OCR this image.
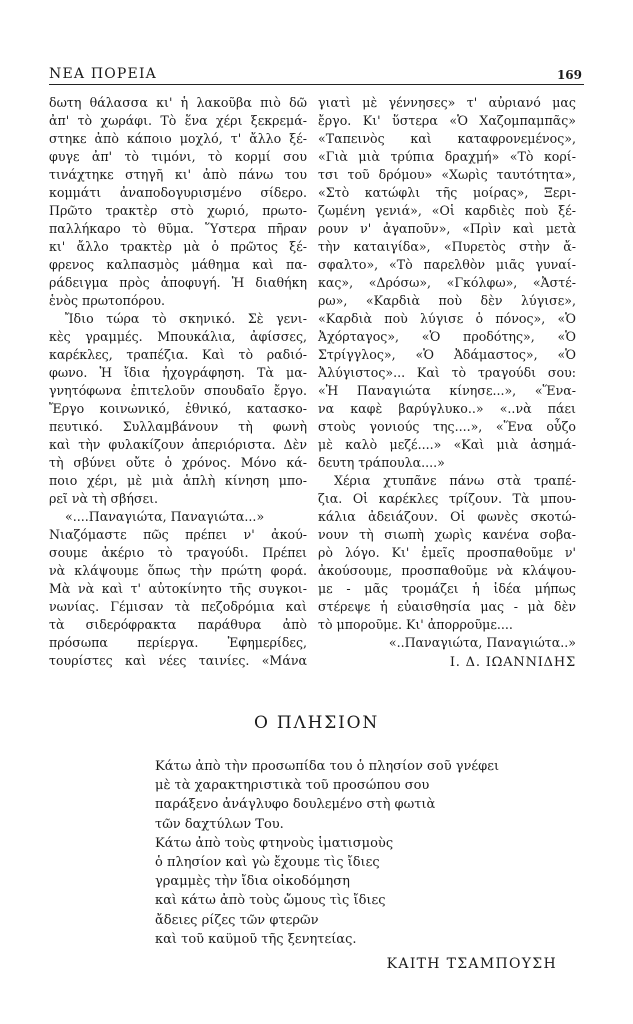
ΝΕΑ ΠΟΡΕΙΑ	169

δωτη θάλασσα κι' ἡ λακοῦβα πιὸ δῶ

ἀπ' τὸ χωράφι. Τὸ ἕνα χέρι ξεκρεμά-

στηκε ἀπὸ κάποιο μοχλό, τ' ἄλλο ξέ-

φυγε ἀπ' τὸ τιμόνι, τὸ κορμί σου

τινάχτηκε στηγῆ κι' ἀπὸ πάνω του

κομμάτι ἀναποδογυρισμένο σίδερο.

Πρῶτο τρακτὲρ στὸ χωριό, πρωτο-

παλλήκαρο τὸ θῦμα. Ὕστερα πῆραν

κι' ἄλλο τρακτὲρ μὰ ὁ πρῶτος ξέ-

φρενος καλπασμὸς μάθημα καὶ πα-

ράδειγμα πρὸς ἀποφυγή. Ἡ διαθήκη

ἑνὸς πρωτοπόρου.

Ἴδιο τώρα τὸ σκηνικό. Σὲ γενι-

κὲς γραμμές. Μπουκάλια, ἀφίσσες,

καρέκλες, τραπέζια. Καὶ τὸ ραδιό-

φωνο. Ἡ ἴδια ἠχογράφηση. Τὰ μα-

γνητόφωνα ἐπιτελοῦν σπουδαῖο ἔργο.

Ἔργο κοινωνικό, ἐθνικό, κατασκο-

πευτικό. Συλλαμβάνουν τὴ φωνὴ

καὶ τὴν φυλακίζουν ἀπεριόριστα. Δὲν

τὴ σβύνει οὔτε ὁ χρόνος. Μόνο κά-

ποιο χέρι, μὲ μιὰ ἁπλὴ κίνηση μπο-

ρεῖ νὰ τὴ σβήσει.

«....Παναγιώτα, Παναγιώτα...»

Νιαζόμαστε πῶς πρέπει ν' ἀκού-

σουμε ἀκέριο τὸ τραγούδι. Πρέπει

νὰ κλάψουμε ὅπως τὴν πρώτη φορά.

Μὰ νὰ καὶ τ' αὐτοκίνητο τῆς συγκοι-

νωνίας. Γέμισαν τὰ πεζοδρόμια καὶ

τὰ σιδερόφρακτα παράθυρα ἀπὸ

πρόσωπα περίεργα. Ἐφημερίδες,

τουρίστες καὶ νέες ταινίες. «Μάνα

γιατὶ μὲ γέννησες» τ' αὐριανό μας

ἔργο. Κι' ὕστερα «Ὁ Χαζομπαμπᾶς»

«Ταπεινὸς καὶ καταφρονεμένος»,

«Γιὰ μιὰ τρύπια δραχμή» «Τὸ κορί-

τσι τοῦ δρόμου» «Χωρὶς ταυτότητα»,

«Στὸ κατώφλι τῆς μοίρας», Ξερι-

ζωμένη γενιά», «Οἱ καρδιὲς ποὺ ξέ-

ρουν ν' ἀγαποῦν», «Πρὶν καὶ μετὰ

τὴν καταιγίδα», «Πυρετὸς στὴν ἄ-

σφαλτο», «Τὸ παρελθὸν μιᾶς γυναί-

κας», «Δρόσω», «Γκόλφω», «Ἀστέ-

ρω», «Καρδιὰ ποὺ δὲν λύγισε»,

«Καρδιὰ ποὺ λύγισε ὁ πόνος», «Ὁ

Ἀχόρταγος», «Ὁ προδότης», «Ὁ

Στρίγγλος», «Ὁ Ἀδάμαστος», «Ὁ

Ἀλύγιστος»... Καὶ τὸ τραγούδι σου:

«Ἡ Παναγιώτα κίνησε...», «Ἕνα-

να καφὲ βαρύγλυκο..» «..νὰ πάει

στοὺς γονιούς της....», «Ἕνα οὖζο

μὲ καλὸ μεζέ....» «Καὶ μιὰ ἀσημά-

δευτη τράπουλα....»

Χέρια χτυπᾶνε πάνω στὰ τραπέ-

ζια. Οἱ καρέκλες τρίζουν. Τὰ μπου-

κάλια ἀδειάζουν. Οἱ φωνὲς σκοτώ-

νουν τὴ σιωπὴ χωρὶς κανένα σοβα-

ρὸ λόγο. Κι' ἐμεῖς προσπαθοῦμε ν'

ἀκούσουμε, προσπαθοῦμε νὰ κλάψου-

με - μᾶς τρομάζει ἡ ἰδέα μήπως

στέρεψε ἡ εὐαισθησία μας - μὰ δὲν

τὸ μποροῦμε. Κι' ἀπορροῦμε....

«..Παναγιώτα, Παναγιώτα..»

Ι. Δ. ΙΩΑΝΝΙΔΗΣ
Ο ΠΛΗΣΙΟΝ
Κάτω ἀπὸ τὴν προσωπίδα του ὁ πλησίον σοῦ γνέφει
μὲ τὰ χαρακτηριστικὰ τοῦ προσώπου σου
παράξενο ἀνάγλυφο δουλεμένο στὴ φωτιὰ
τῶν δαχτύλων Του.
Κάτω ἀπὸ τοὺς φτηνοὺς ἱματισμοὺς
ὁ πλησίον καὶ γὼ ἔχουμε τὶς ἴδιες
γραμμὲς τὴν ἴδια οἰκοδόμηση
καὶ κάτω ἀπὸ τοὺς ὤμους τὶς ἴδιες
ἄδειες ρίζες τῶν φτερῶν
καὶ τοῦ καϋμοῦ τῆς ξενητείας.
ΚΑΙΤΗ ΤΣΑΜΠΟΥΣΗ
